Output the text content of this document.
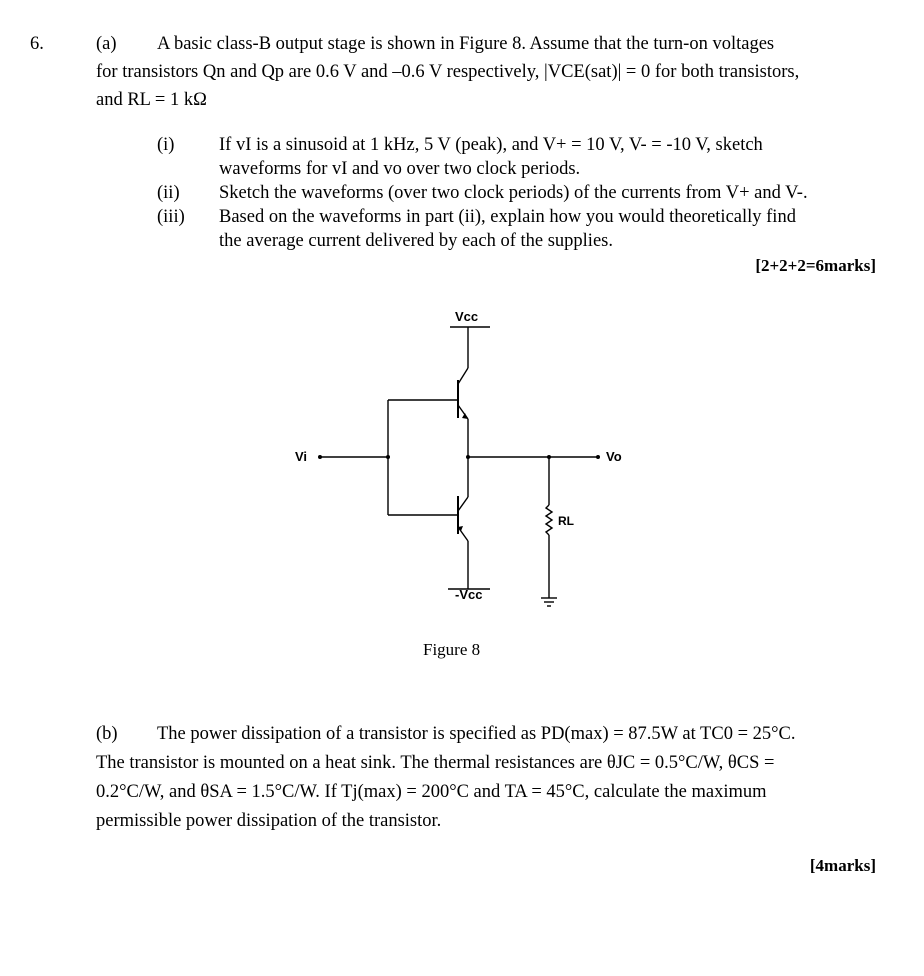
6.	(a) A basic class-B output stage is shown in Figure 8. Assume that the turn-on voltages
for transistors Qn and Qp are 0.6 V and –0.6 V respectively, |VCE(sat)| = 0 for both transistors,
and RL = 1 kΩ
(i) If vI is a sinusoid at 1 kHz, 5 V (peak), and V+ = 10 V, V- = -10 V, sketch
waveforms for vI and vo over two clock periods.
(ii) Sketch the waveforms (over two clock periods) of the currents from V+ and V-.
(iii) Based on the waveforms in part (ii), explain how you would theoretically find
the average current delivered by each of the supplies.
[2+2+2=6marks]
Vcc
Vi	Vo
RL
-Vcc
Figure 8
(b) The power dissipation of a transistor is specified as PD(max) = 87.5W at TC0 = 25°C.
The transistor is mounted on a heat sink. The thermal resistances are θJC = 0.5°C/W, θCS =
0.2°C/W, and θSA = 1.5°C/W. If Tj(max) = 200°C and TA = 45°C, calculate the maximum
permissible power dissipation of the transistor.
[4marks]
